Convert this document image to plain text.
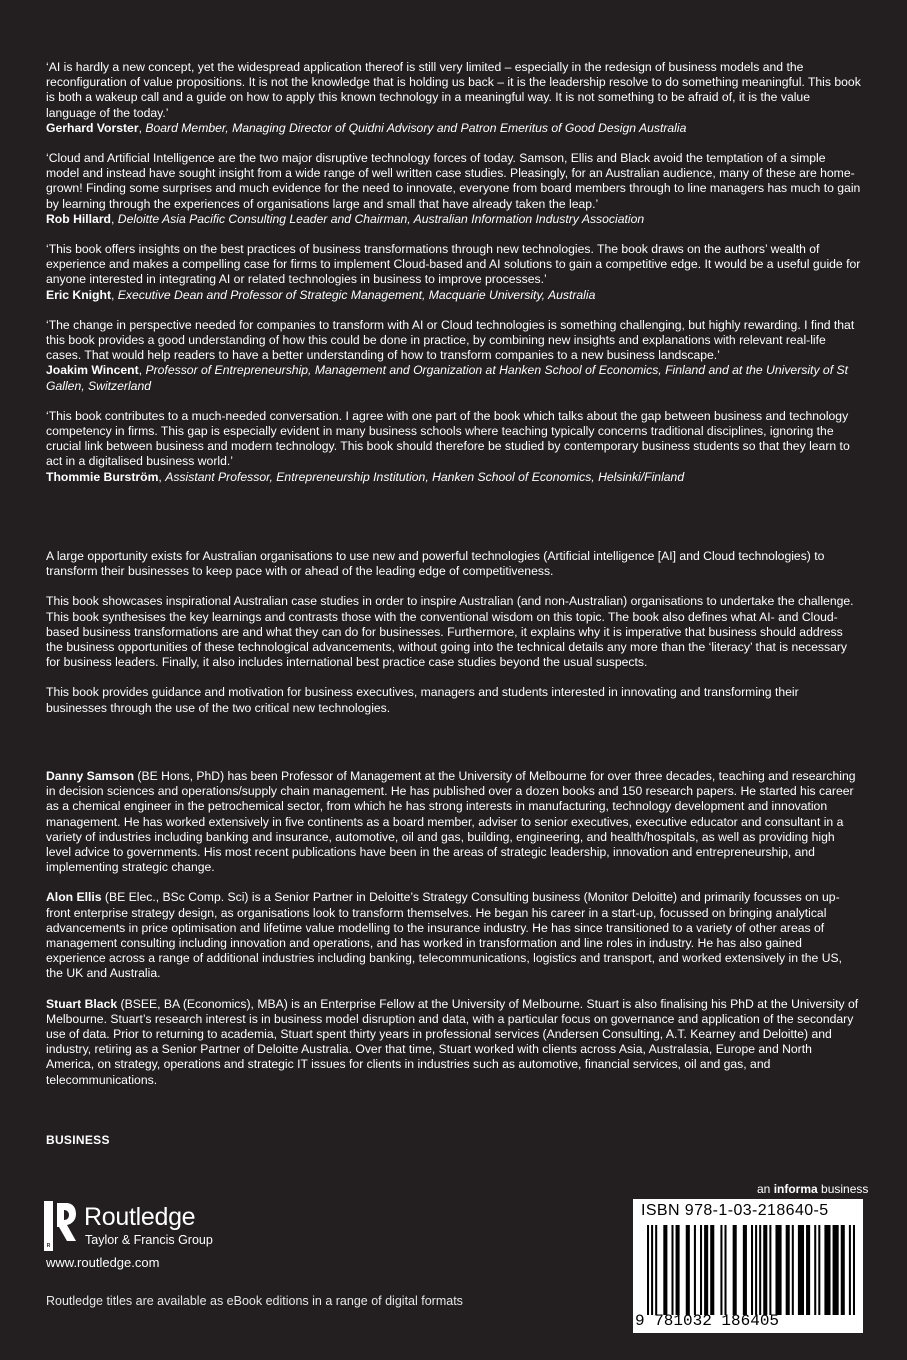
‘AI is hardly a new concept, yet the widespread application thereof is still very limited – especially in the redesign of business models and the reconfiguration of value propositions. It is not the knowledge that is holding us back – it is the leadership resolve to do something meaningful. This book is both a wakeup call and a guide on how to apply this known technology in a meaningful way. It is not something to be afraid of, it is the value language of the today.’

Gerhard Vorster, Board Member, Managing Director of Quidni Advisory and Patron Emeritus of Good Design Australia

‘Cloud and Artificial Intelligence are the two major disruptive technology forces of today. Samson, Ellis and Black avoid the temptation of a simple model and instead have sought insight from a wide range of well written case studies. Pleasingly, for an Australian audience, many of these are home-grown! Finding some surprises and much evidence for the need to innovate, everyone from board members through to line managers has much to gain by learning through the experiences of organisations large and small that have already taken the leap.’

Rob Hillard, Deloitte Asia Pacific Consulting Leader and Chairman, Australian Information Industry Association

‘This book offers insights on the best practices of business transformations through new technologies. The book draws on the authors’ wealth of experience and makes a compelling case for firms to implement Cloud-based and AI solutions to gain a competitive edge. It would be a useful guide for anyone interested in integrating AI or related technologies in business to improve processes.’

Eric Knight, Executive Dean and Professor of Strategic Management, Macquarie University, Australia

‘The change in perspective needed for companies to transform with AI or Cloud technologies is something challenging, but highly rewarding. I find that this book provides a good understanding of how this could be done in practice, by combining new insights and explanations with relevant real-life cases. That would help readers to have a better understanding of how to transform companies to a new business landscape.’

Joakim Wincent, Professor of Entrepreneurship, Management and Organization at Hanken School of Economics, Finland and at the University of St Gallen, Switzerland

‘This book contributes to a much-needed conversation. I agree with one part of the book which talks about the gap between business and technology competency in firms. This gap is especially evident in many business schools where teaching typically concerns traditional disciplines, ignoring the crucial link between business and modern technology. This book should therefore be studied by contemporary business students so that they learn to act in a digitalised business world.’

Thommie Burström, Assistant Professor, Entrepreneurship Institution, Hanken School of Economics, Helsinki/Finland

A large opportunity exists for Australian organisations to use new and powerful technologies (Artificial intelligence [AI] and Cloud technologies) to transform their businesses to keep pace with or ahead of the leading edge of competitiveness.

This book showcases inspirational Australian case studies in order to inspire Australian (and non-Australian) organisations to undertake the challenge. This book synthesises the key learnings and contrasts those with the conventional wisdom on this topic. The book also defines what AI- and Cloud-based business transformations are and what they can do for businesses. Furthermore, it explains why it is imperative that business should address the business opportunities of these technological advancements, without going into the technical details any more than the ‘literacy’ that is necessary for business leaders. Finally, it also includes international best practice case studies beyond the usual suspects.

This book provides guidance and motivation for business executives, managers and students interested in innovating and transforming their businesses through the use of the two critical new technologies.

Danny Samson (BE Hons, PhD) has been Professor of Management at the University of Melbourne for over three decades, teaching and researching in decision sciences and operations/supply chain management. He has published over a dozen books and 150 research papers. He started his career as a chemical engineer in the petrochemical sector, from which he has strong interests in manufacturing, technology development and innovation management. He has worked extensively in five continents as a board member, adviser to senior executives, executive educator and consultant in a variety of industries including banking and insurance, automotive, oil and gas, building, engineering, and health/hospitals, as well as providing high level advice to governments. His most recent publications have been in the areas of strategic leadership, innovation and entrepreneurship, and implementing strategic change.

Alon Ellis (BE Elec., BSc Comp. Sci) is a Senior Partner in Deloitte’s Strategy Consulting business (Monitor Deloitte) and primarily focusses on up-front enterprise strategy design, as organisations look to transform themselves. He began his career in a start-up, focussed on bringing analytical advancements in price optimisation and lifetime value modelling to the insurance industry. He has since transitioned to a variety of other areas of management consulting including innovation and operations, and has worked in transformation and line roles in industry. He has also gained experience across a range of additional industries including banking, telecommunications, logistics and transport, and worked extensively in the US, the UK and Australia.

Stuart Black (BSEE, BA (Economics), MBA) is an Enterprise Fellow at the University of Melbourne. Stuart is also finalising his PhD at the University of Melbourne. Stuart’s research interest is in business model disruption and data, with a particular focus on governance and application of the secondary use of data. Prior to returning to academia, Stuart spent thirty years in professional services (Andersen Consulting, A.T. Kearney and Deloitte) and industry, retiring as a Senior Partner of Deloitte Australia. Over that time, Stuart worked with clients across Asia, Australasia, Europe and North America, on strategy, operations and strategic IT issues for clients in industries such as automotive, financial services, oil and gas, and telecommunications.

BUSINESS
R
Routledge
Taylor & Francis Group
www.routledge.com
Routledge titles are available as eBook editions in a range of digital formats
an informa business
ISBN 978-1-03-218640-5
9 781032 186405
